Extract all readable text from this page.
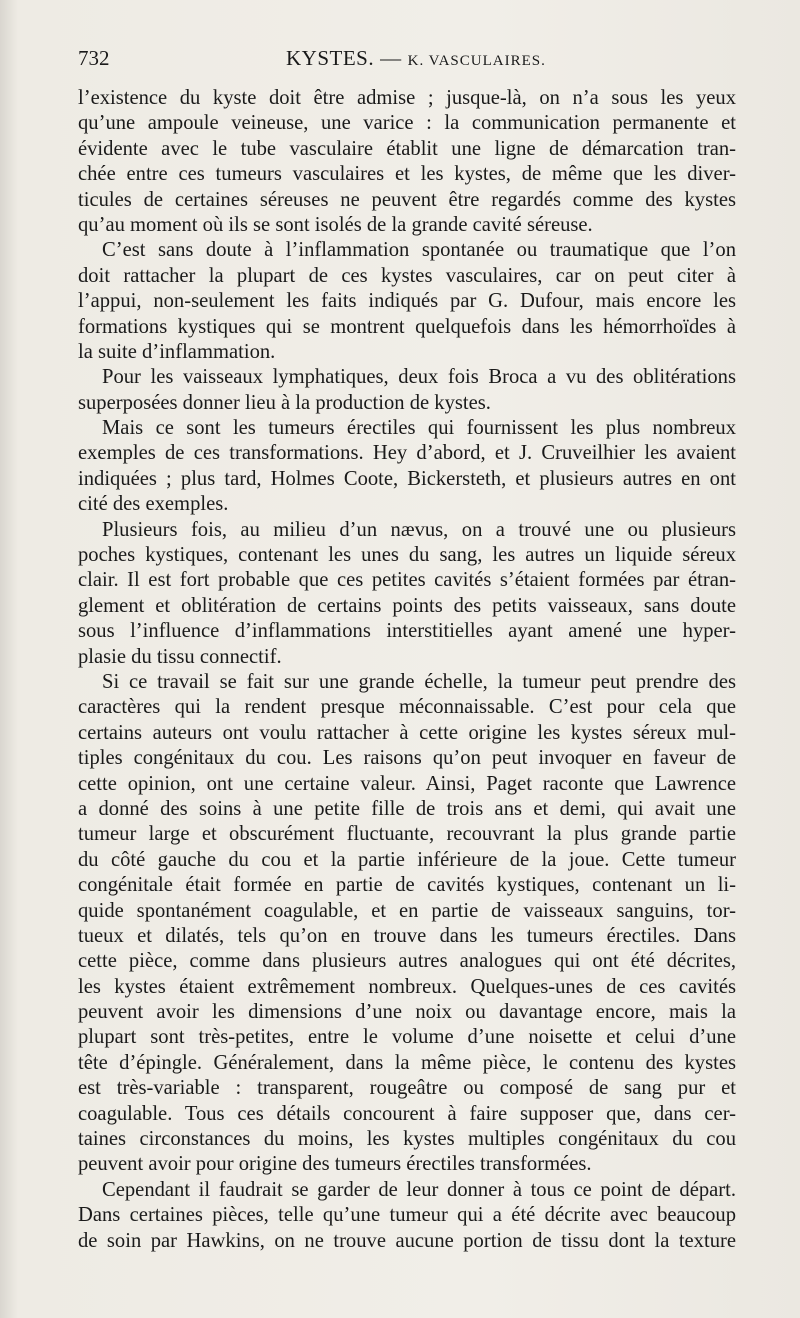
732	KYSTES. — K. VASCULAIRES.
l’existence du kyste doit être admise ; jusque-là, on n’a sous les yeux
qu’une ampoule veineuse, une varice : la communication permanente et
évidente avec le tube vasculaire établit une ligne de démarcation tran-
chée entre ces tumeurs vasculaires et les kystes, de même que les diver-
ticules de certaines séreuses ne peuvent être regardés comme des kystes
qu’au moment où ils se sont isolés de la grande cavité séreuse.
C’est sans doute à l’inflammation spontanée ou traumatique que l’on
doit rattacher la plupart de ces kystes vasculaires, car on peut citer à
l’appui, non-seulement les faits indiqués par G. Dufour, mais encore les
formations kystiques qui se montrent quelquefois dans les hémorrhoïdes à
la suite d’inflammation.
Pour les vaisseaux lymphatiques, deux fois Broca a vu des oblitérations
superposées donner lieu à la production de kystes.
Mais ce sont les tumeurs érectiles qui fournissent les plus nombreux
exemples de ces transformations. Hey d’abord, et J. Cruveilhier les avaient
indiquées ; plus tard, Holmes Coote, Bickersteth, et plusieurs autres en ont
cité des exemples.
Plusieurs fois, au milieu d’un nævus, on a trouvé une ou plusieurs
poches kystiques, contenant les unes du sang, les autres un liquide séreux
clair. Il est fort probable que ces petites cavités s’étaient formées par étran-
glement et oblitération de certains points des petits vaisseaux, sans doute
sous l’influence d’inflammations interstitielles ayant amené une hyper-
plasie du tissu connectif.
Si ce travail se fait sur une grande échelle, la tumeur peut prendre des
caractères qui la rendent presque méconnaissable. C’est pour cela que
certains auteurs ont voulu rattacher à cette origine les kystes séreux mul-
tiples congénitaux du cou. Les raisons qu’on peut invoquer en faveur de
cette opinion, ont une certaine valeur. Ainsi, Paget raconte que Lawrence
a donné des soins à une petite fille de trois ans et demi, qui avait une
tumeur large et obscurément fluctuante, recouvrant la plus grande partie
du côté gauche du cou et la partie inférieure de la joue. Cette tumeur
congénitale était formée en partie de cavités kystiques, contenant un li-
quide spontanément coagulable, et en partie de vaisseaux sanguins, tor-
tueux et dilatés, tels qu’on en trouve dans les tumeurs érectiles. Dans
cette pièce, comme dans plusieurs autres analogues qui ont été décrites,
les kystes étaient extrêmement nombreux. Quelques-unes de ces cavités
peuvent avoir les dimensions d’une noix ou davantage encore, mais la
plupart sont très-petites, entre le volume d’une noisette et celui d’une
tête d’épingle. Généralement, dans la même pièce, le contenu des kystes
est très-variable : transparent, rougeâtre ou composé de sang pur et
coagulable. Tous ces détails concourent à faire supposer que, dans cer-
taines circonstances du moins, les kystes multiples congénitaux du cou
peuvent avoir pour origine des tumeurs érectiles transformées.
Cependant il faudrait se garder de leur donner à tous ce point de départ.
Dans certaines pièces, telle qu’une tumeur qui a été décrite avec beaucoup
de soin par Hawkins, on ne trouve aucune portion de tissu dont la texture
